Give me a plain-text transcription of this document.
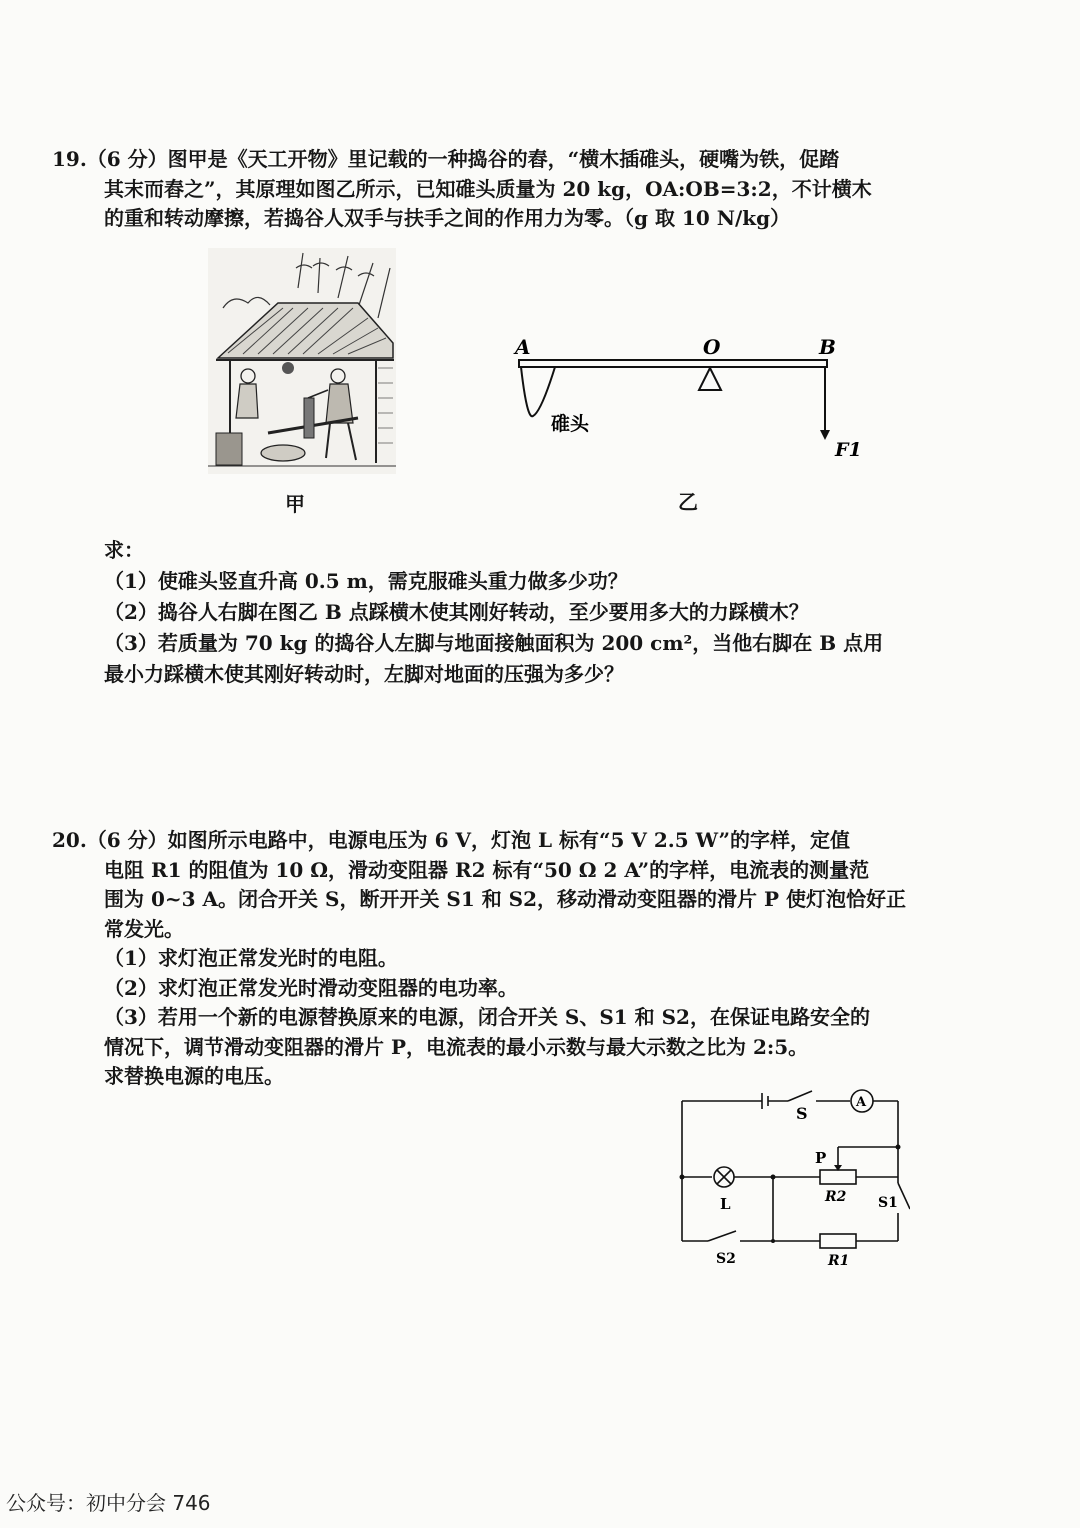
19.（6 分）图甲是《天工开物》里记载的一种捣谷的舂，“横木插碓头，硬嘴为铁，促踏
其末而舂之”，其原理如图乙所示，已知碓头质量为 20 kg，OA:OB=3:2，不计横木
的重和转动摩擦，若捣谷人双手与扶手之间的作用力为零。（g 取 10 N/kg）
甲
A	O	B
碓头
F1
乙
求：
（1）使碓头竖直升高 0.5 m，需克服碓头重力做多少功？
（2）捣谷人右脚在图乙 B 点踩横木使其刚好转动，至少要用多大的力踩横木？
（3）若质量为 70 kg 的捣谷人左脚与地面接触面积为 200 cm²，当他右脚在 B 点用
最小力踩横木使其刚好转动时，左脚对地面的压强为多少？
20.（6 分）如图所示电路中，电源电压为 6 V，灯泡 L 标有“5 V 2.5 W”的字样，定值
电阻 R1 的阻值为 10 Ω，滑动变阻器 R2 标有“50 Ω 2 A”的字样，电流表的测量范
围为 0~3 A。闭合开关 S，断开开关 S1 和 S2，移动滑动变阻器的滑片 P 使灯泡恰好正
常发光。
（1）求灯泡正常发光时的电阻。
（2）求灯泡正常发光时滑动变阻器的电功率。
（3）若用一个新的电源替换原来的电源，闭合开关 S、S1 和 S2，在保证电路安全的
情况下，调节滑动变阻器的滑片 P，电流表的最小示数与最大示数之比为 2:5。
求替换电源的电压。
S
A
P
L	R2 S1
S2	R1
公众号：初中分会 746
